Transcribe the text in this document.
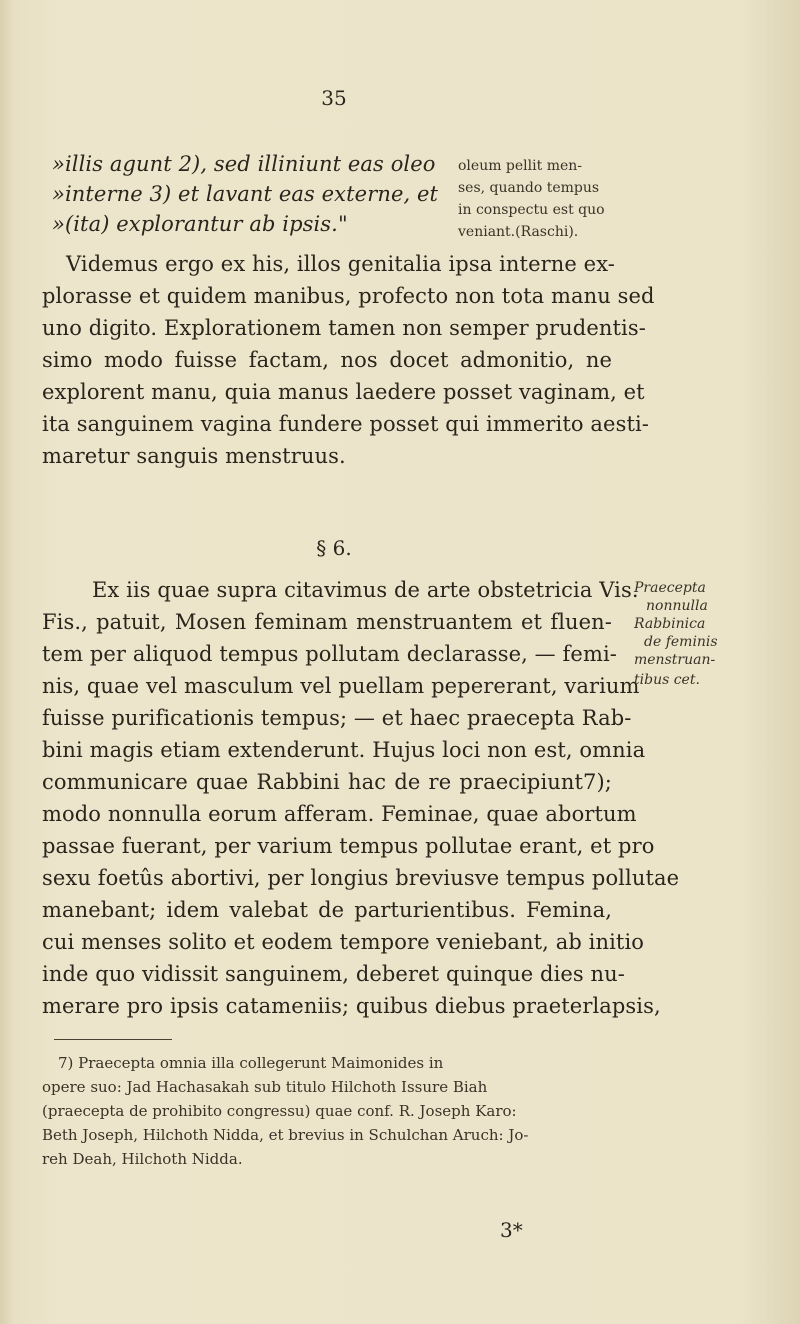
35
»illis agunt 2), sed illiniunt eas oleo
»interne 3) et lavant eas externe, et
»(ita) explorantur ab ipsis."
oleum pellit men-
ses, quando tempus
in conspectu est quo
veniant.(Raschi).
Videmus ergo ex his, illos genitalia ipsa interne ex-
plorasse et quidem manibus, profecto non tota manu sed
uno digito. Explorationem tamen non semper prudentis-
simo modo fuisse factam, nos docet admonitio, ne
explorent manu, quia manus laedere posset vaginam, et
ita sanguinem vagina fundere posset qui immerito aesti-
maretur sanguis menstruus.
§ 6.
Ex iis quae supra citavimus de arte obstetricia Vis.
Fis., patuit, Mosen feminam menstruantem et fluen-
tem per aliquod tempus pollutam declarasse, — femi-
nis, quae vel masculum vel puellam pepererant, varium
fuisse purificationis tempus; — et haec praecepta Rab-
bini magis etiam extenderunt. Hujus loci non est, omnia
communicare quae Rabbini hac de re praecipiunt7);
modo nonnulla eorum afferam. Feminae, quae abortum
passae fuerant, per varium tempus pollutae erant, et pro
sexu foetûs abortivi, per longius breviusve tempus pollutae
manebant; idem valebat de parturientibus. Femina,
cui menses solito et eodem tempore veniebant, ab initio
inde quo vidissit sanguinem, deberet quinque dies nu-
merare pro ipsis catameniis; quibus diebus praeterlapsis,
Praecepta
nonnulla
Rabbinica
de feminis
menstruan-
tibus cet.
7) Praecepta omnia illa collegerunt Maimonides in
opere suo: Jad Hachasakah sub titulo Hilchoth Issure Biah
(praecepta de prohibito congressu) quae conf. R. Joseph Karo:
Beth Joseph, Hilchoth Nidda, et brevius in Schulchan Aruch: Jo-
reh Deah, Hilchoth Nidda.
3*
